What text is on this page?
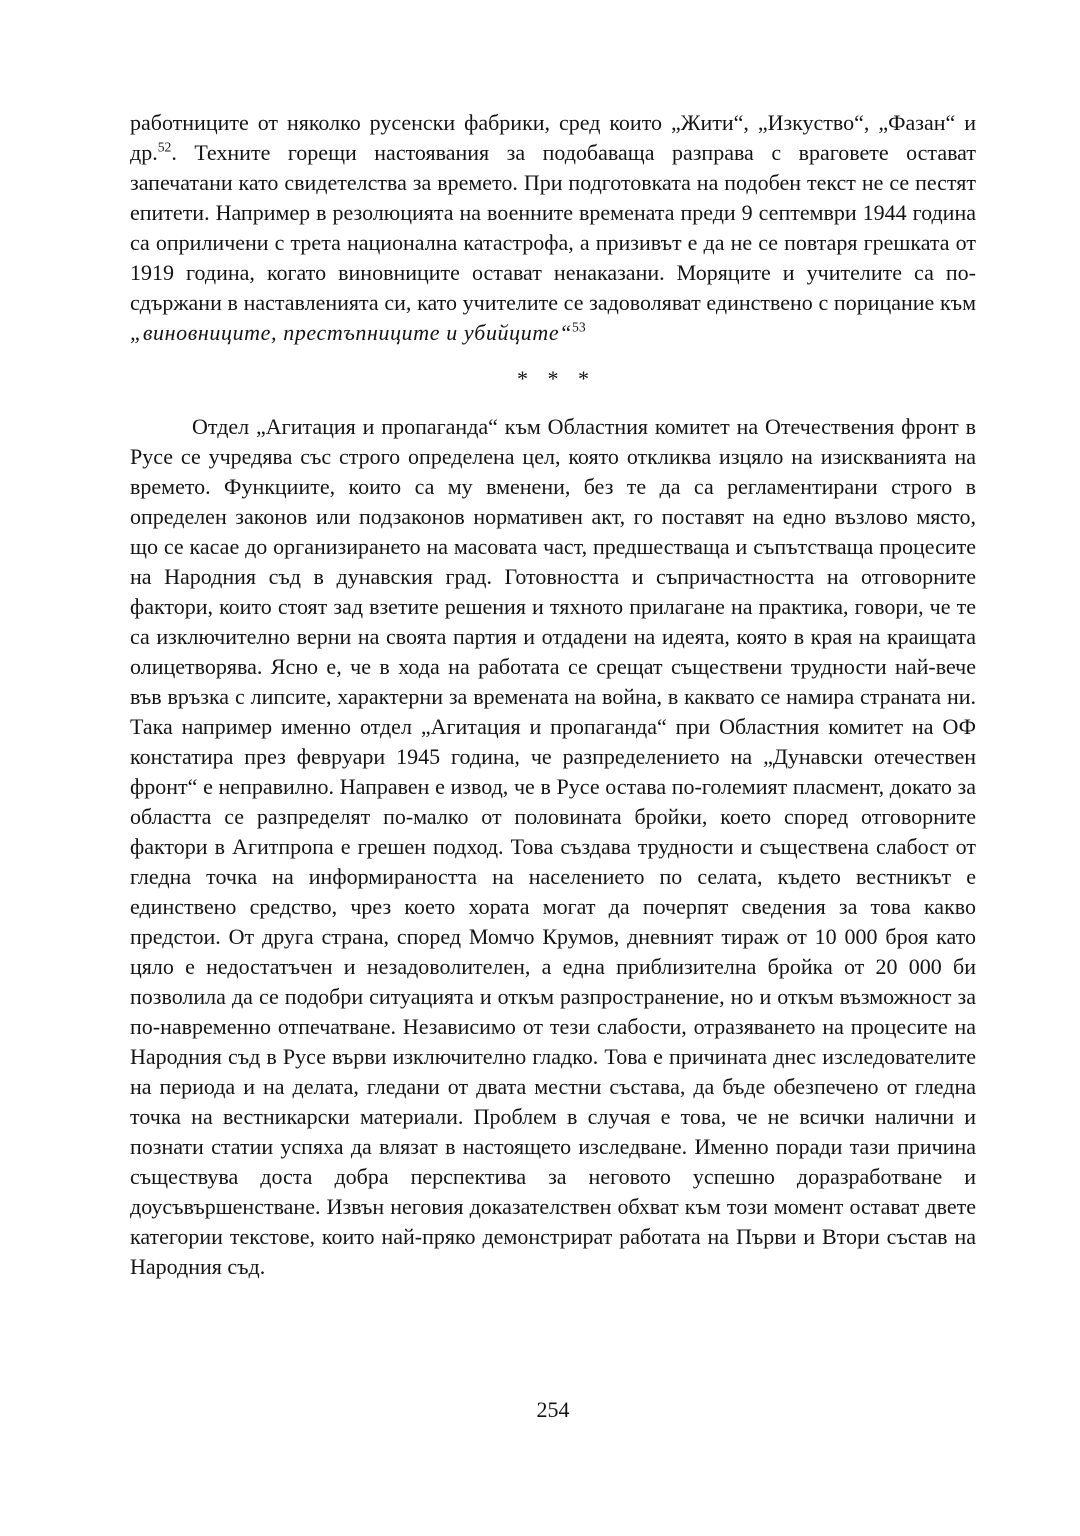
работниците от няколко русенски фабрики, сред които „Жити“, „Изкуство“, „Фазан“ и др.$^{52}$. Техните горещи настоявания за подобаваща разправа с враговете остават запечатани като свидетелства за времето. При подготовката на подобен текст не се пестят епитети. Например в резолюцията на военните времената преди 9 септември 1944 година са оприличени с трета национална катастрофа, а призивът е да не се повтаря грешката от 1919 година, когато виновниците остават ненаказани. Моряците и учителите са по-сдържани в наставленията си, като учителите се задоволяват единствено с порицание към „виновниците, престъпниците и убийците“$^{53}$

* * *

Отдел „Агитация и пропаганда“ към Областния комитет на Отечествения фронт в Русе се учредява със строго определена цел, която откликва изцяло на изискванията на времето. Функциите, които са му вменени, без те да са регламентирани строго в определен законов или подзаконов нормативен акт, го поставят на едно възлово място, що се касае до организирането на масовата част, предшестваща и съпътстваща процесите на Народния съд в дунавския град. Готовността и съпричастността на отговорните фактори, които стоят зад взетите решения и тяхното прилагане на практика, говори, че те са изключително верни на своята партия и отдадени на идеята, която в края на краищата олицетворява. Ясно е, че в хода на работата се срещат съществени трудности най-вече във връзка с липсите, характерни за времената на война, в каквато се намира страната ни. Така например именно отдел „Агитация и пропаганда“ при Областния комитет на ОФ констатира през февруари 1945 година, че разпределението на „Дунавски отечествен фронт“ е неправилно. Направен е извод, че в Русе остава по-големият пласмент, докато за областта се разпределят по-малко от половината бройки, което според отговорните фактори в Агитпропа е грешен подход. Това създава трудности и съществена слабост от гледна точка на информираността на населението по селата, където вестникът е единствено средство, чрез което хората могат да почерпят сведения за това какво предстои. От друга страна, според Момчо Крумов, дневният тираж от 10 000 броя като цяло е недостатъчен и незадоволителен, а една приблизителна бройка от 20 000 би позволила да се подобри ситуацията и откъм разпространение, но и откъм възможност за по-навременно отпечатване. Независимо от тези слабости, отразяването на процесите на Народния съд в Русе върви изключително гладко. Това е причината днес изследователите на периода и на делата, гледани от двата местни състава, да бъде обезпечено от гледна точка на вестникарски материали. Проблем в случая е това, че не всички налични и познати статии успяха да влязат в настоящето изследване. Именно поради тази причина съществува доста добра перспектива за неговото успешно доразработване и доусъвършенстване. Извън неговия доказателствен обхват към този момент остават двете категории текстове, които най-пряко демонстрират работата на Първи и Втори състав на Народния съд.

254
